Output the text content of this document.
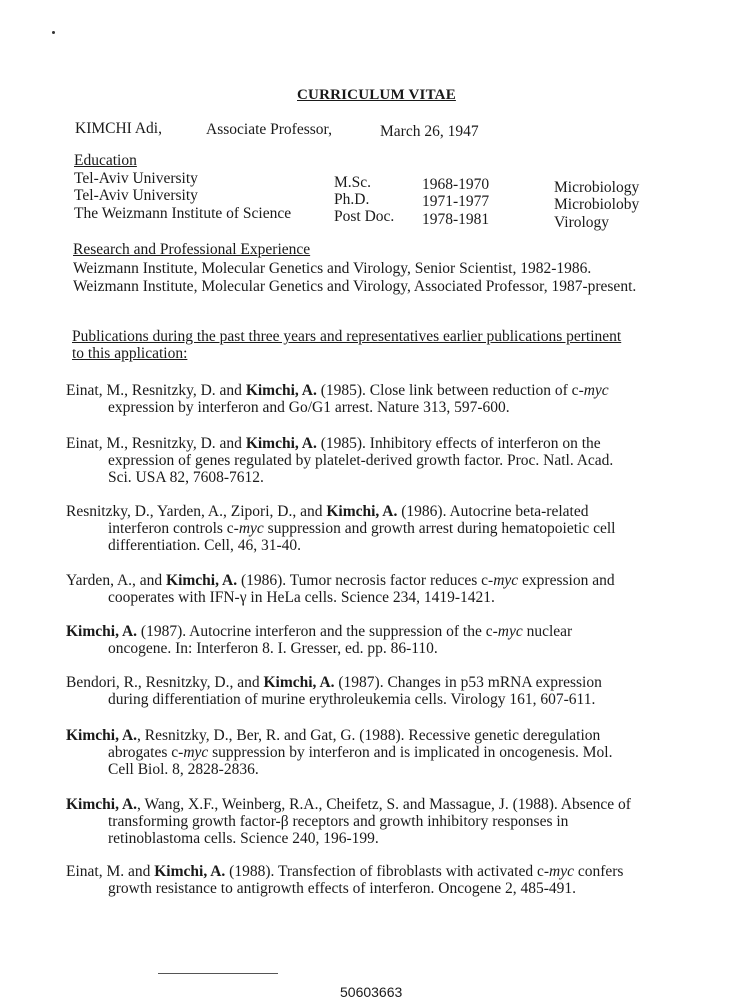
CURRICULUM VITAE
KIMCHI Adi,	Associate Professor,	March 26, 1947
Education
Tel-Aviv University	M.Sc.	1968-1970	Microbiology
Tel-Aviv University	Ph.D.	1971-1977	Microbioloby
The Weizmann Institute of Science	Post Doc. 1978-1981	Virology
Research and Professional Experience
Weizmann Institute, Molecular Genetics and Virology, Senior Scientist, 1982-1986.
Weizmann Institute, Molecular Genetics and Virology, Associated Professor, 1987-present.
Publications during the past three years and representatives earlier publications pertinent
to this application:
Einat, M., Resnitzky, D. and Kimchi, A. (1985). Close link between reduction of c-myc
expression by interferon and Go/G1 arrest. Nature 313, 597-600.
Einat, M., Resnitzky, D. and Kimchi, A. (1985). Inhibitory effects of interferon on the
expression of genes regulated by platelet-derived growth factor. Proc. Natl. Acad.
Sci. USA 82, 7608-7612.
Resnitzky, D., Yarden, A., Zipori, D., and Kimchi, A. (1986). Autocrine beta-related
interferon controls c-myc suppression and growth arrest during hematopoietic cell
differentiation. Cell, 46, 31-40.
Yarden, A., and Kimchi, A. (1986). Tumor necrosis factor reduces c-myc expression and
cooperates with IFN-γ in HeLa cells. Science 234, 1419-1421.
Kimchi, A. (1987). Autocrine interferon and the suppression of the c-myc nuclear
oncogene. In: Interferon 8. I. Gresser, ed. pp. 86-110.
Bendori, R., Resnitzky, D., and Kimchi, A. (1987). Changes in p53 mRNA expression
during differentiation of murine erythroleukemia cells. Virology 161, 607-611.
Kimchi, A., Resnitzky, D., Ber, R. and Gat, G. (1988). Recessive genetic deregulation
abrogates c-myc suppression by interferon and is implicated in oncogenesis. Mol.
Cell Biol. 8, 2828-2836.
Kimchi, A., Wang, X.F., Weinberg, R.A., Cheifetz, S. and Massague, J. (1988). Absence of
transforming growth factor-β receptors and growth inhibitory responses in
retinoblastoma cells. Science 240, 196-199.
Einat, M. and Kimchi, A. (1988). Transfection of fibroblasts with activated c-myc confers
growth resistance to antigrowth effects of interferon. Oncogene 2, 485-491.
50603663
